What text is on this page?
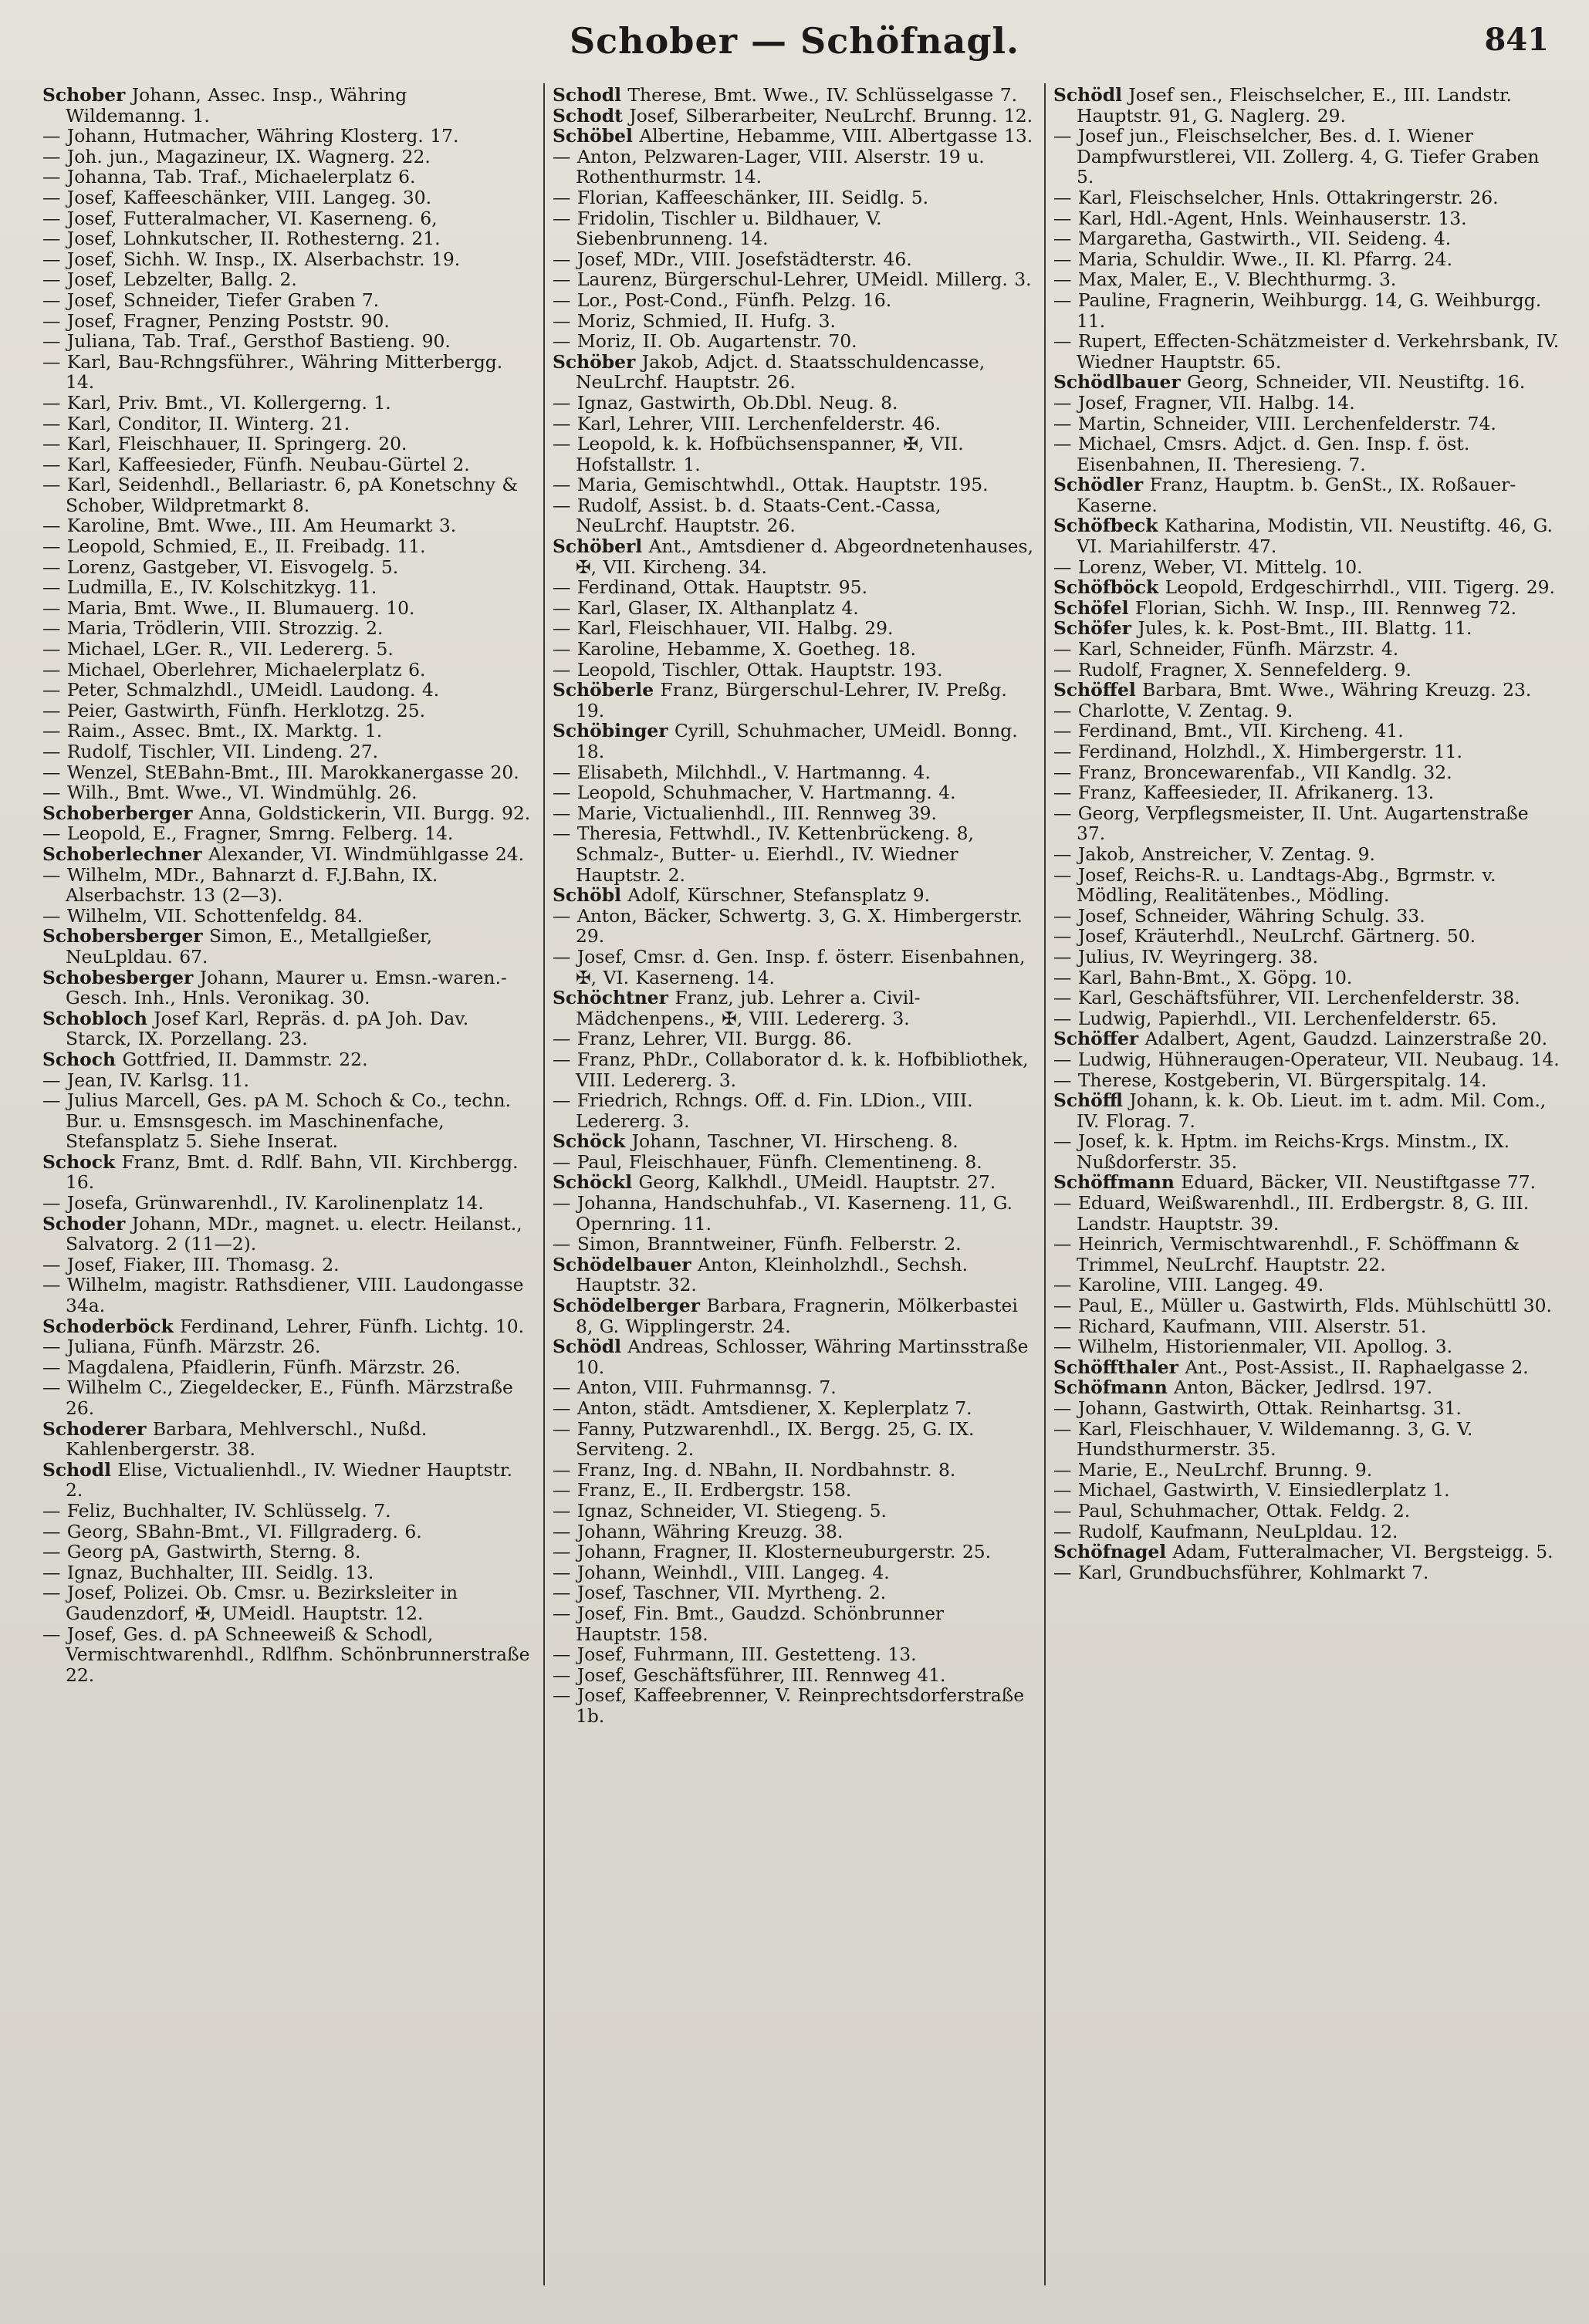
Schober — Schöfnagl.	841
Schober Johann, Assec. Insp., Währing Wildemanng. 1.
— Johann, Hutmacher, Währing Klosterg. 17.
— Joh. jun., Magazineur, IX. Wagnerg. 22.
— Johanna, Tab. Traf., Michaelerplatz 6.
— Josef, Kaffeeschänker, VIII. Langeg. 30.
— Josef, Futteralmacher, VI. Kaserneng. 6,
— Josef, Lohnkutscher, II. Rothesterng. 21.
— Josef, Sichh. W. Insp., IX. Alserbachstr. 19.
— Josef, Lebzelter, Ballg. 2.
— Josef, Schneider, Tiefer Graben 7.
— Josef, Fragner, Penzing Poststr. 90.
— Juliana, Tab. Traf., Gersthof Bastieng. 90.
— Karl, Bau-Rchngsführer., Währing Mitterbergg. 14.
— Karl, Priv. Bmt., VI. Kollergerng. 1.
— Karl, Conditor, II. Winterg. 21.
— Karl, Fleischhauer, II. Springerg. 20.
— Karl, Kaffeesieder, Fünfh. Neubau-Gürtel 2.
— Karl, Seidenhdl., Bellariastr. 6, pA Konetschny & Schober, Wildpretmarkt 8.
— Karoline, Bmt. Wwe., III. Am Heumarkt 3.
— Leopold, Schmied, E., II. Freibadg. 11.
— Lorenz, Gastgeber, VI. Eisvogelg. 5.
— Ludmilla, E., IV. Kolschitzkyg. 11.
— Maria, Bmt. Wwe., II. Blumauerg. 10.
— Maria, Trödlerin, VIII. Strozzig. 2.
— Michael, LGer. R., VII. Ledererg. 5.
— Michael, Oberlehrer, Michaelerplatz 6.
— Peter, Schmalzhdl., UMeidl. Laudong. 4.
— Peier, Gastwirth, Fünfh. Herklotzg. 25.
— Raim., Assec. Bmt., IX. Marktg. 1.
— Rudolf, Tischler, VII. Lindeng. 27.
— Wenzel, StEBahn-Bmt., III. Marokkanergasse 20.
— Wilh., Bmt. Wwe., VI. Windmühlg. 26.
Schoberberger Anna, Goldstickerin, VII. Burgg. 92.
— Leopold, E., Fragner, Smrng. Felberg. 14.
Schoberlechner Alexander, VI. Windmühlgasse 24.
— Wilhelm, MDr., Bahnarzt d. F.J.Bahn, IX. Alserbachstr. 13 (2—3).
— Wilhelm, VII. Schottenfeldg. 84.
Schobersberger Simon, E., Metallgießer, NeuLpldau. 67.
Schobesberger Johann, Maurer u. Emsn.-waren.-Gesch. Inh., Hnls. Veronikag. 30.
Schobloch Josef Karl, Repräs. d. pA Joh. Dav. Starck, IX. Porzellang. 23.
Schoch Gottfried, II. Dammstr. 22.
— Jean, IV. Karlsg. 11.
— Julius Marcell, Ges. pA M. Schoch & Co., techn. Bur. u. Emsnsgesch. im Maschinenfache, Stefansplatz 5. Siehe Inserat.
Schock Franz, Bmt. d. Rdlf. Bahn, VII. Kirchbergg. 16.
— Josefa, Grünwarenhdl., IV. Karolinenplatz 14.
Schoder Johann, MDr., magnet. u. electr. Heilanst., Salvatorg. 2 (11—2).
— Josef, Fiaker, III. Thomasg. 2.
— Wilhelm, magistr. Rathsdiener, VIII. Laudongasse 34a.
Schoderböck Ferdinand, Lehrer, Fünfh. Lichtg. 10.
— Juliana, Fünfh. Märzstr. 26.
— Magdalena, Pfaidlerin, Fünfh. Märzstr. 26.
— Wilhelm C., Ziegeldecker, E., Fünfh. Märzstraße 26.
Schoderer Barbara, Mehlverschl., Nußd. Kahlenbergerstr. 38.
Schodl Elise, Victualienhdl., IV. Wiedner Hauptstr. 2.
— Feliz, Buchhalter, IV. Schlüsselg. 7.
— Georg, SBahn-Bmt., VI. Fillgraderg. 6.
— Georg pA, Gastwirth, Sterng. 8.
— Ignaz, Buchhalter, III. Seidlg. 13.
— Josef, Polizei. Ob. Cmsr. u. Bezirksleiter in Gaudenzdorf, ✠, UMeidl. Hauptstr. 12.
— Josef, Ges. d. pA Schneeweiß & Schodl, Vermischtwarenhdl., Rdlfhm. Schönbrunnerstraße 22.
Schodl Therese, Bmt. Wwe., IV. Schlüsselgasse 7.
Schodt Josef, Silberarbeiter, NeuLrchf. Brunng. 12.
Schöbel Albertine, Hebamme, VIII. Albertgasse 13.
— Anton, Pelzwaren-Lager, VIII. Alserstr. 19 u. Rothenthurmstr. 14.
— Florian, Kaffeeschänker, III. Seidlg. 5.
— Fridolin, Tischler u. Bildhauer, V. Siebenbrunneng. 14.
— Josef, MDr., VIII. Josefstädterstr. 46.
— Laurenz, Bürgerschul-Lehrer, UMeidl. Millerg. 3.
— Lor., Post-Cond., Fünfh. Pelzg. 16.
— Moriz, Schmied, II. Hufg. 3.
— Moriz, II. Ob. Augartenstr. 70.
Schöber Jakob, Adjct. d. Staatsschuldencasse, NeuLrchf. Hauptstr. 26.
— Ignaz, Gastwirth, Ob.Dbl. Neug. 8.
— Karl, Lehrer, VIII. Lerchenfelderstr. 46.
— Leopold, k. k. Hofbüchsenspanner, ✠, VII. Hofstallstr. 1.
— Maria, Gemischtwhdl., Ottak. Hauptstr. 195.
— Rudolf, Assist. b. d. Staats-Cent.-Cassa, NeuLrchf. Hauptstr. 26.
Schöberl Ant., Amtsdiener d. Abgeordnetenhauses, ✠, VII. Kircheng. 34.
— Ferdinand, Ottak. Hauptstr. 95.
— Karl, Glaser, IX. Althanplatz 4.
— Karl, Fleischhauer, VII. Halbg. 29.
— Karoline, Hebamme, X. Goetheg. 18.
— Leopold, Tischler, Ottak. Hauptstr. 193.
Schöberle Franz, Bürgerschul-Lehrer, IV. Preßg. 19.
Schöbinger Cyrill, Schuhmacher, UMeidl. Bonng. 18.
— Elisabeth, Milchhdl., V. Hartmanng. 4.
— Leopold, Schuhmacher, V. Hartmanng. 4.
— Marie, Victualienhdl., III. Rennweg 39.
— Theresia, Fettwhdl., IV. Kettenbrückeng. 8, Schmalz-, Butter- u. Eierhdl., IV. Wiedner Hauptstr. 2.
Schöbl Adolf, Kürschner, Stefansplatz 9.
— Anton, Bäcker, Schwertg. 3, G. X. Himbergerstr. 29.
— Josef, Cmsr. d. Gen. Insp. f. österr. Eisenbahnen, ✠, VI. Kaserneng. 14.
Schöchtner Franz, jub. Lehrer a. Civil-Mädchenpens., ✠, VIII. Ledererg. 3.
— Franz, Lehrer, VII. Burgg. 86.
— Franz, PhDr., Collaborator d. k. k. Hofbibliothek, VIII. Ledererg. 3.
— Friedrich, Rchngs. Off. d. Fin. LDion., VIII. Ledererg. 3.
Schöck Johann, Taschner, VI. Hirscheng. 8.
— Paul, Fleischhauer, Fünfh. Clementineng. 8.
Schöckl Georg, Kalkhdl., UMeidl. Hauptstr. 27.
— Johanna, Handschuhfab., VI. Kaserneng. 11, G. Opernring. 11.
— Simon, Branntweiner, Fünfh. Felberstr. 2.
Schödelbauer Anton, Kleinholzhdl., Sechsh. Hauptstr. 32.
Schödelberger Barbara, Fragnerin, Mölkerbastei 8, G. Wipplingerstr. 24.
Schödl Andreas, Schlosser, Währing Martinsstraße 10.
— Anton, VIII. Fuhrmannsg. 7.
— Anton, städt. Amtsdiener, X. Keplerplatz 7.
— Fanny, Putzwarenhdl., IX. Bergg. 25, G. IX. Serviteng. 2.
— Franz, Ing. d. NBahn, II. Nordbahnstr. 8.
— Franz, E., II. Erdbergstr. 158.
— Ignaz, Schneider, VI. Stiegeng. 5.
— Johann, Währing Kreuzg. 38.
— Johann, Fragner, II. Klosterneuburgerstr. 25.
— Johann, Weinhdl., VIII. Langeg. 4.
— Josef, Taschner, VII. Myrtheng. 2.
— Josef, Fin. Bmt., Gaudzd. Schönbrunner Hauptstr. 158.
— Josef, Fuhrmann, III. Gestetteng. 13.
— Josef, Geschäftsführer, III. Rennweg 41.
— Josef, Kaffeebrenner, V. Reinprechtsdorferstraße 1b.
Schödl Josef sen., Fleischselcher, E., III. Landstr. Hauptstr. 91, G. Naglerg. 29.
— Josef jun., Fleischselcher, Bes. d. I. Wiener Dampfwurstlerei, VII. Zollerg. 4, G. Tiefer Graben 5.
— Karl, Fleischselcher, Hnls. Ottakringerstr. 26.
— Karl, Hdl.-Agent, Hnls. Weinhauserstr. 13.
— Margaretha, Gastwirth., VII. Seideng. 4.
— Maria, Schuldir. Wwe., II. Kl. Pfarrg. 24.
— Max, Maler, E., V. Blechthurmg. 3.
— Pauline, Fragnerin, Weihburgg. 14, G. Weihburgg. 11.
— Rupert, Effecten-Schätzmeister d. Verkehrsbank, IV. Wiedner Hauptstr. 65.
Schödlbauer Georg, Schneider, VII. Neustiftg. 16.
— Josef, Fragner, VII. Halbg. 14.
— Martin, Schneider, VIII. Lerchenfelderstr. 74.
— Michael, Cmsrs. Adjct. d. Gen. Insp. f. öst. Eisenbahnen, II. Theresieng. 7.
Schödler Franz, Hauptm. b. GenSt., IX. Roßauer-Kaserne.
Schöfbeck Katharina, Modistin, VII. Neustiftg. 46, G. VI. Mariahilferstr. 47.
— Lorenz, Weber, VI. Mittelg. 10.
Schöfböck Leopold, Erdgeschirrhdl., VIII. Tigerg. 29.
Schöfel Florian, Sichh. W. Insp., III. Rennweg 72.
Schöfer Jules, k. k. Post-Bmt., III. Blattg. 11.
— Karl, Schneider, Fünfh. Märzstr. 4.
— Rudolf, Fragner, X. Sennefelderg. 9.
Schöffel Barbara, Bmt. Wwe., Währing Kreuzg. 23.
— Charlotte, V. Zentag. 9.
— Ferdinand, Bmt., VII. Kircheng. 41.
— Ferdinand, Holzhdl., X. Himbergerstr. 11.
— Franz, Broncewarenfab., VII Kandlg. 32.
— Franz, Kaffeesieder, II. Afrikanerg. 13.
— Georg, Verpflegsmeister, II. Unt. Augartenstraße 37.
— Jakob, Anstreicher, V. Zentag. 9.
— Josef, Reichs-R. u. Landtags-Abg., Bgrmstr. v. Mödling, Realitätenbes., Mödling.
— Josef, Schneider, Währing Schulg. 33.
— Josef, Kräuterhdl., NeuLrchf. Gärtnerg. 50.
— Julius, IV. Weyringerg. 38.
— Karl, Bahn-Bmt., X. Göpg. 10.
— Karl, Geschäftsführer, VII. Lerchenfelderstr. 38.
— Ludwig, Papierhdl., VII. Lerchenfelderstr. 65.
Schöffer Adalbert, Agent, Gaudzd. Lainzerstraße 20.
— Ludwig, Hühneraugen-Operateur, VII. Neubaug. 14.
— Therese, Kostgeberin, VI. Bürgerspitalg. 14.
Schöffl Johann, k. k. Ob. Lieut. im t. adm. Mil. Com., IV. Florag. 7.
— Josef, k. k. Hptm. im Reichs-Krgs. Minstm., IX. Nußdorferstr. 35.
Schöffmann Eduard, Bäcker, VII. Neustiftgasse 77.
— Eduard, Weißwarenhdl., III. Erdbergstr. 8, G. III. Landstr. Hauptstr. 39.
— Heinrich, Vermischtwarenhdl., F. Schöffmann & Trimmel, NeuLrchf. Hauptstr. 22.
— Karoline, VIII. Langeg. 49.
— Paul, E., Müller u. Gastwirth, Flds. Mühlschüttl 30.
— Richard, Kaufmann, VIII. Alserstr. 51.
— Wilhelm, Historienmaler, VII. Apollog. 3.
Schöffthaler Ant., Post-Assist., II. Raphaelgasse 2.
Schöfmann Anton, Bäcker, Jedlrsd. 197.
— Johann, Gastwirth, Ottak. Reinhartsg. 31.
— Karl, Fleischhauer, V. Wildemanng. 3, G. V. Hundsthurmerstr. 35.
— Marie, E., NeuLrchf. Brunng. 9.
— Michael, Gastwirth, V. Einsiedlerplatz 1.
— Paul, Schuhmacher, Ottak. Feldg. 2.
— Rudolf, Kaufmann, NeuLpldau. 12.
Schöfnagel Adam, Futteralmacher, VI. Bergsteigg. 5.
— Karl, Grundbuchsführer, Kohlmarkt 7.
